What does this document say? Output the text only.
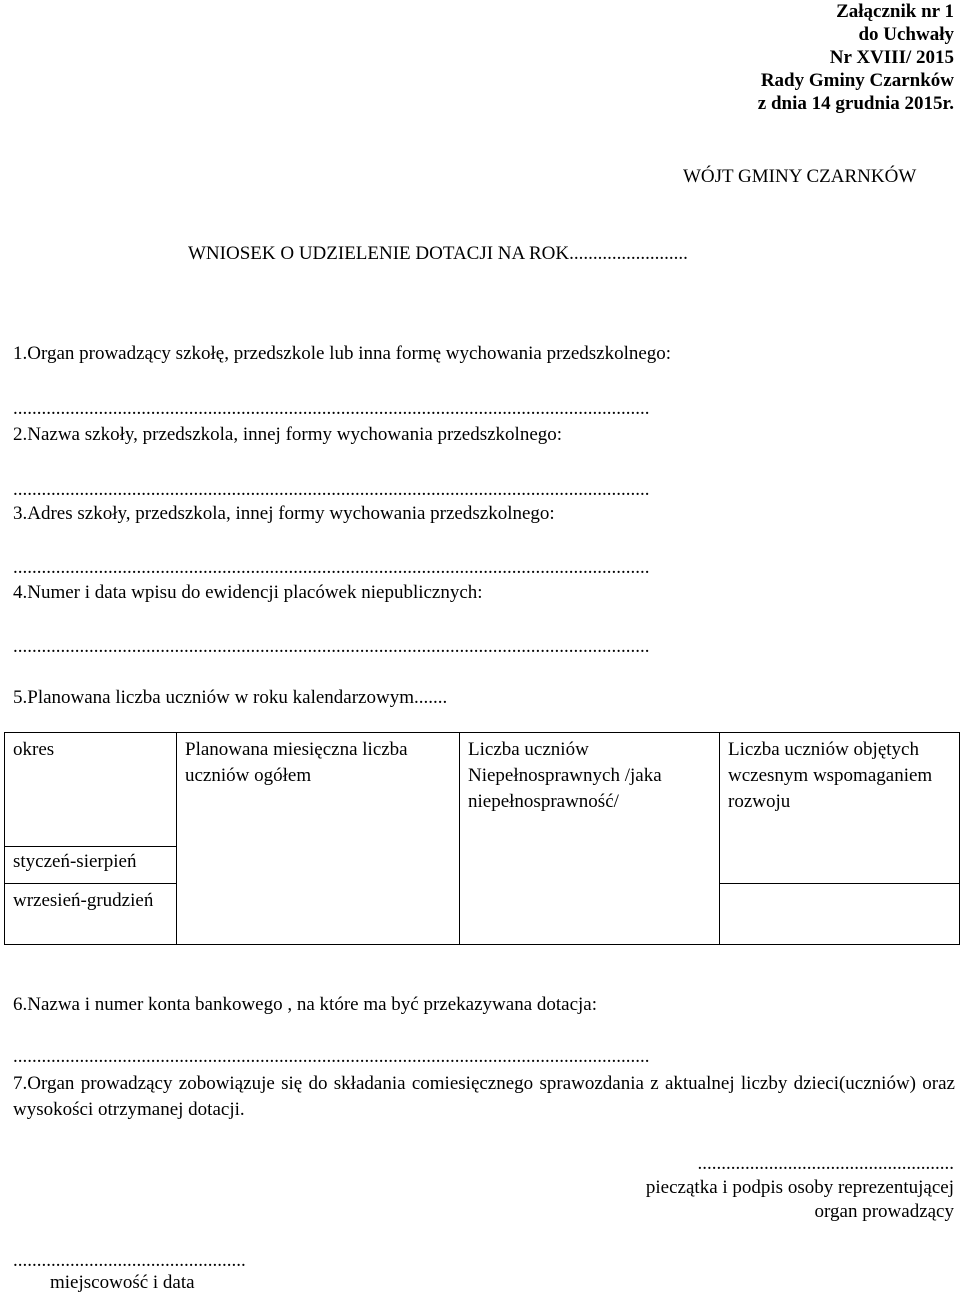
Załącznik nr 1
do Uchwały
Nr XVIII/ 2015
Rady Gminy Czarnków
z dnia 14 grudnia 2015r.
WÓJT GMINY CZARNKÓW
WNIOSEK O UDZIELENIE DOTACJI NA ROK.........................
1.Organ prowadzący szkołę, przedszkole lub inna formę wychowania przedszkolnego:
......................................................................................................................................
2.Nazwa szkoły, przedszkola, innej formy wychowania przedszkolnego:
......................................................................................................................................
3.Adres szkoły, przedszkola, innej formy wychowania przedszkolnego:
......................................................................................................................................
4.Numer i data wpisu do ewidencji placówek niepublicznych:
......................................................................................................................................
5.Planowana liczba uczniów w roku kalendarzowym.......
okres	Planowana miesięczna liczba uczniów ogółem	Liczba uczniów Niepełnosprawnych /jaka niepełnosprawność/	Liczba uczniów objętych wczesnym wspomaganiem rozwoju
styczeń-sierpień			
wrzesień-grudzień			
6.Nazwa i numer konta bankowego , na które ma być przekazywana dotacja:
......................................................................................................................................
7.Organ prowadzący zobowiązuje się do składania comiesięcznego sprawozdania z aktualnej liczby dzieci(uczniów) oraz wysokości otrzymanej dotacji.
......................................................
pieczątka i podpis osoby reprezentującej
organ prowadzący
.................................................
miejscowość i data
